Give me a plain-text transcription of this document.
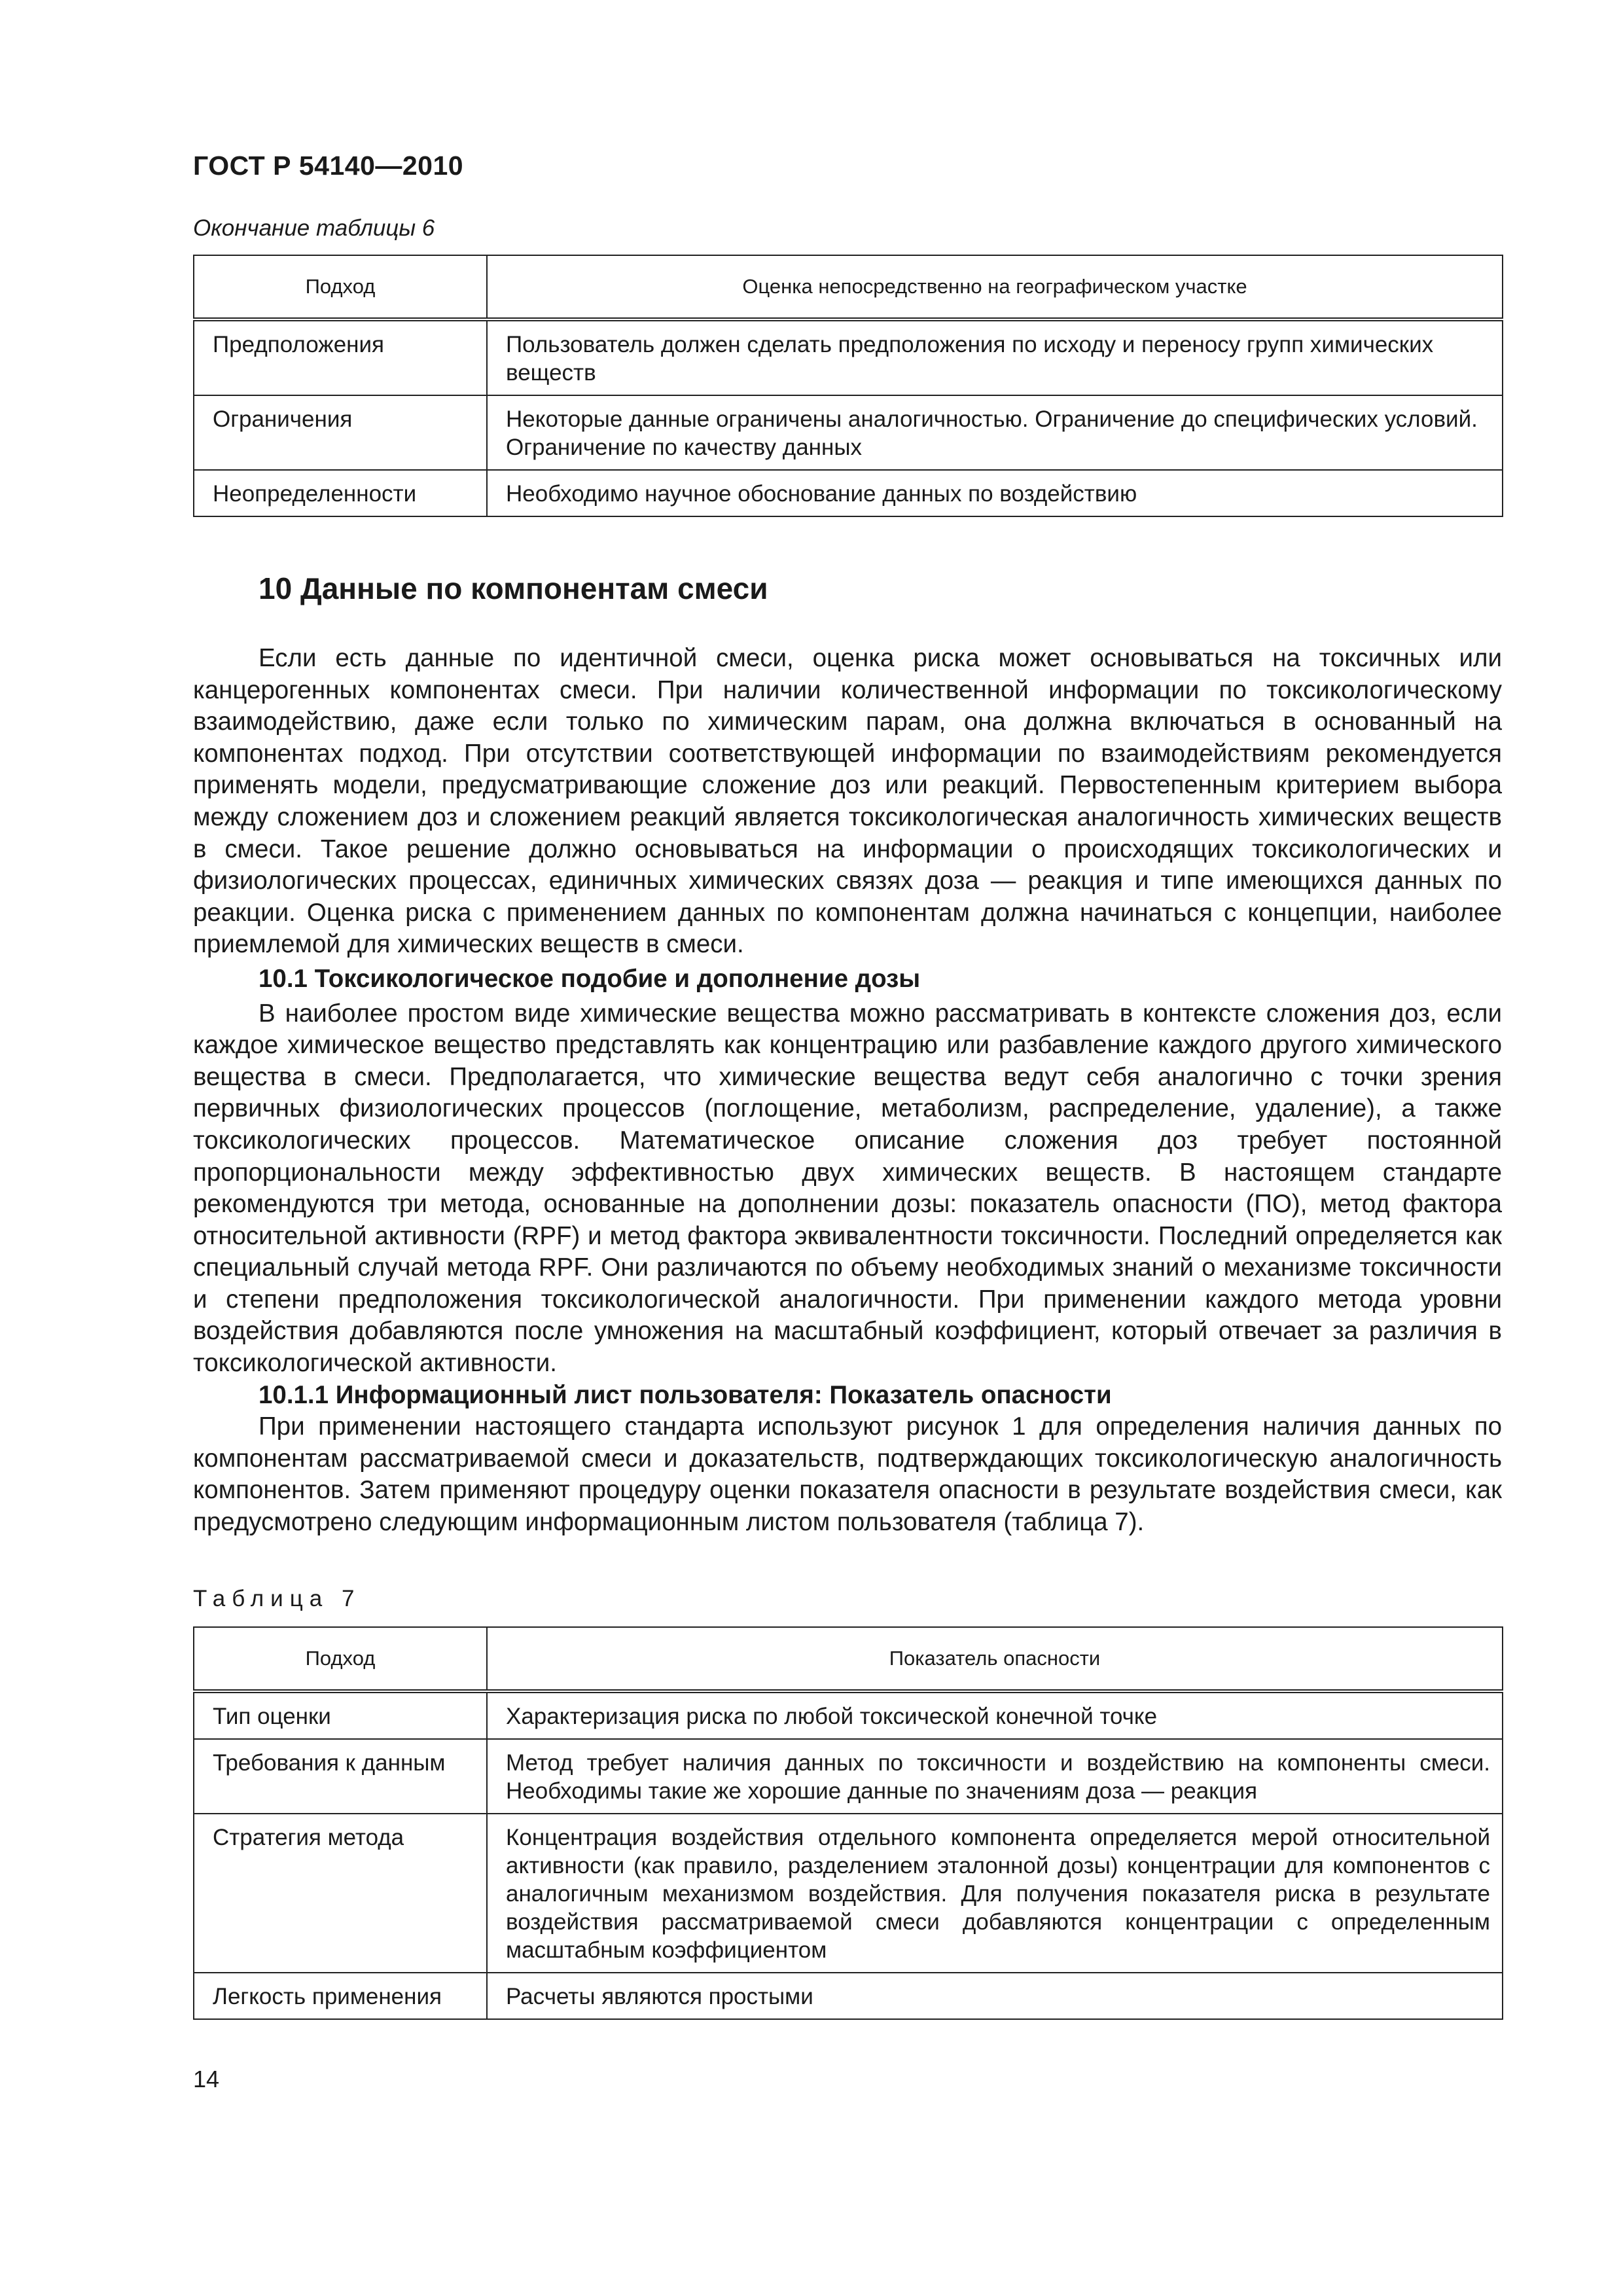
ГОСТ Р 54140—2010
Окончание таблицы 6
Подход	Оценка непосредственно на географическом участке
Предположения	Пользователь должен сделать предположения по исходу и переносу групп химических веществ
Ограничения	Некоторые данные ограничены аналогичностью. Ограничение до специфических условий. Ограничение по качеству данных
Неопределенности	Необходимо научное обоснование данных по воздействию
10 Данные по компонентам смеси

Если есть данные по идентичной смеси, оценка риска может основываться на токсичных или канцерогенных компонентах смеси. При наличии количественной информации по токсикологическому взаимодействию, даже если только по химическим парам, она должна включаться в основанный на компонентах подход. При отсутствии соответствующей информации по взаимодействиям рекомендуется применять модели, предусматривающие сложение доз или реакций. Первостепенным критерием выбора между сложением доз и сложением реакций является токсикологическая аналогичность химических веществ в смеси. Такое решение должно основываться на информации о происходящих токсикологических и физиологических процессах, единичных химических связях доза — реакция и типе имеющихся данных по реакции. Оценка риска с применением данных по компонентам должна начинаться с концепции, наиболее приемлемой для химических веществ в смеси.

10.1 Токсикологическое подобие и дополнение дозы

В наиболее простом виде химические вещества можно рассматривать в контексте сложения доз, если каждое химическое вещество представлять как концентрацию или разбавление каждого другого химического вещества в смеси. Предполагается, что химические вещества ведут себя аналогично с точки зрения первичных физиологических процессов (поглощение, метаболизм, распределение, удаление), а также токсикологических процессов. Математическое описание сложения доз требует постоянной пропорциональности между эффективностью двух химических веществ. В настоящем стандарте рекомендуются три метода, основанные на дополнении дозы: показатель опасности (ПО), метод фактора относительной активности (RPF) и метод фактора эквивалентности токсичности. Последний определяется как специальный случай метода RPF. Они различаются по объему необходимых знаний о механизме токсичности и степени предположения токсикологической аналогичности. При применении каждого метода уровни воздействия добавляются после умножения на масштабный коэффициент, который отвечает за различия в токсикологической активности.

10.1.1 Информационный лист пользователя: Показатель опасности

При применении настоящего стандарта используют рисунок 1 для определения наличия данных по компонентам рассматриваемой смеси и доказательств, подтверждающих токсикологическую аналогичность компонентов. Затем применяют процедуру оценки показателя опасности в результате воздействия смеси, как предусмотрено следующим информационным листом пользователя (таблица 7).

Таблица 7
Подход	Показатель опасности
Тип оценки	Характеризация риска по любой токсической конечной точке
Требования к данным	Метод требует наличия данных по токсичности и воздействию на компоненты смеси. Необходимы такие же хорошие данные по значениям доза — реакция
Стратегия метода	Концентрация воздействия отдельного компонента определяется мерой относительной активности (как правило, разделением эталонной дозы) концентрации для компонентов с аналогичным механизмом воздействия. Для получения показателя риска в результате воздействия рассматриваемой смеси добавляются концентрации с определенным масштабным коэффициентом
Легкость применения	Расчеты являются простыми
14
